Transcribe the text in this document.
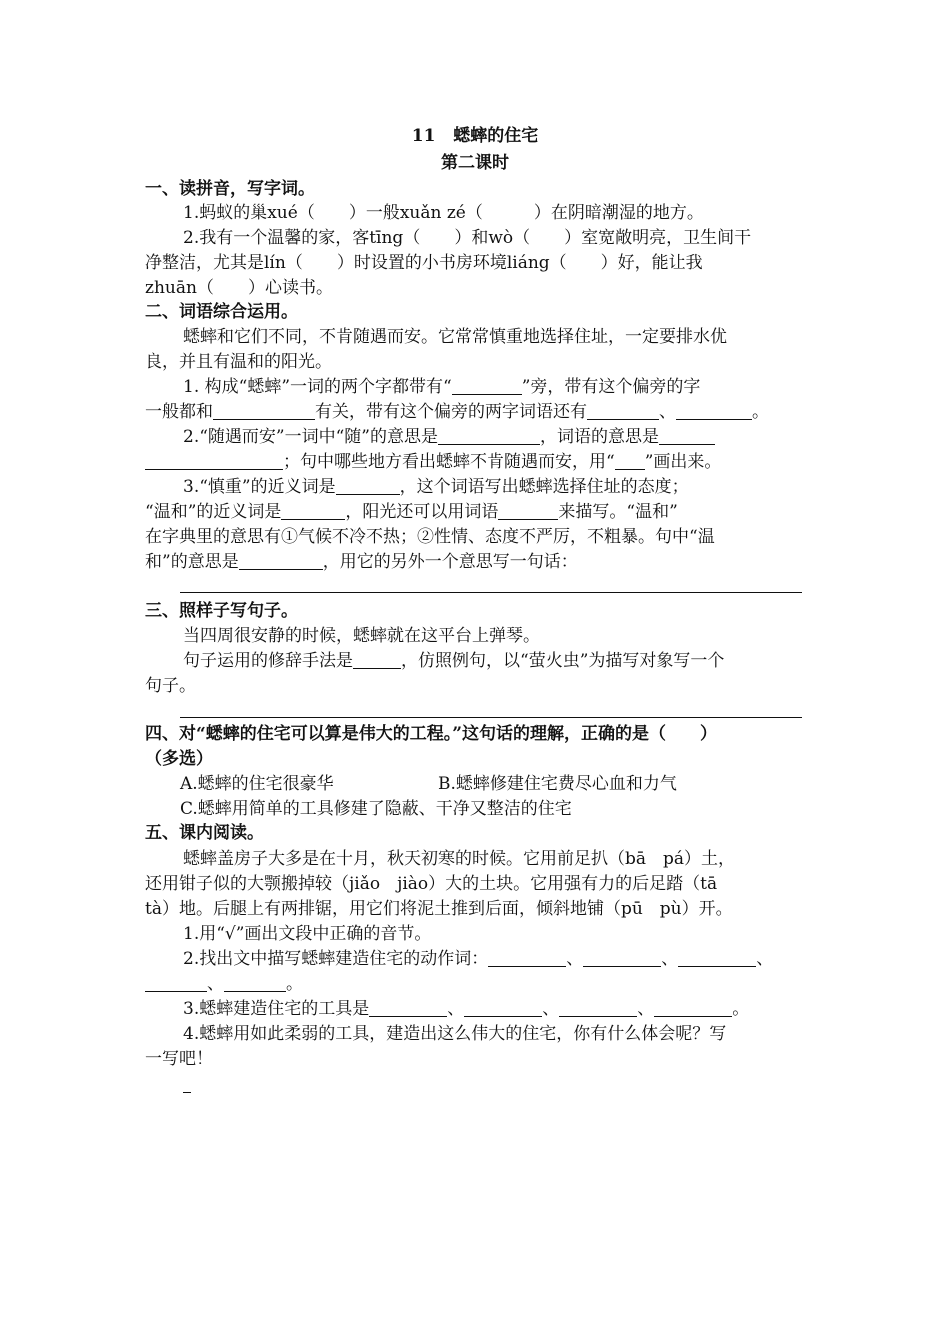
11   蟋蟀的住宅
第二课时
一、读拼音，写字词。
1.蚂蚁的巢xué（　　）一般xuǎn zé（　　　）在阴暗潮湿的地方。
2.我有一个温馨的家，客tīng（　　）和wò（　　）室宽敞明亮，卫生间干
净整洁，尤其是lín（　　）时设置的小书房环境liáng（　　）好，能让我
zhuān（　　）心读书。
二、词语综合运用。
蟋蟀和它们不同，不肯随遇而安。它常常慎重地选择住址，一定要排水优
良，并且有温和的阳光。
1. 构成“蟋蟀”一词的两个字都带有“	”旁，带有这个偏旁的字
一般都和	有关，带有这个偏旁的两字词语还有	、	。
2.“随遇而安”一词中“随”的意思是	，词语的意思是
；句中哪些地方看出蟋蟀不肯随遇而安，用“ ”画出来。
3.“慎重”的近义词是	，这个词语写出蟋蟀选择住址的态度；
“温和”的近义词是	，阳光还可以用词语	来描写。“温和”
在字典里的意思有①气候不冷不热；②性情、态度不严厉，不粗暴。句中“温
和”的意思是	，用它的另外一个意思写一句话：
三、照样子写句子。
当四周很安静的时候，蟋蟀就在这平台上弹琴。
句子运用的修辞手法是	，仿照例句，以“萤火虫”为描写对象写一个
句子。
四、对“蟋蟀的住宅可以算是伟大的工程。”这句话的理解，正确的是（　　）
（多选）
A.蟋蟀的住宅很豪华	B.蟋蟀修建住宅费尽心血和力气
C.蟋蟀用简单的工具修建了隐蔽、干净又整洁的住宅
五、课内阅读。
蟋蟀盖房子大多是在十月，秋天初寒的时候。它用前足扒（bā　pá）土，
还用钳子似的大颚搬掉较（jiǎo　jiào）大的土块。它用强有力的后足踏（tā
tà）地。后腿上有两排锯，用它们将泥土推到后面，倾斜地铺（pū　pù）开。
1.用“√”画出文段中正确的音节。
2.找出文中描写蟋蟀建造住宅的动作词：	、	、	、
、	。
3.蟋蟀建造住宅的工具是	、	、	、	。
4.蟋蟀用如此柔弱的工具，建造出这么伟大的住宅，你有什么体会呢？写
一写吧！
